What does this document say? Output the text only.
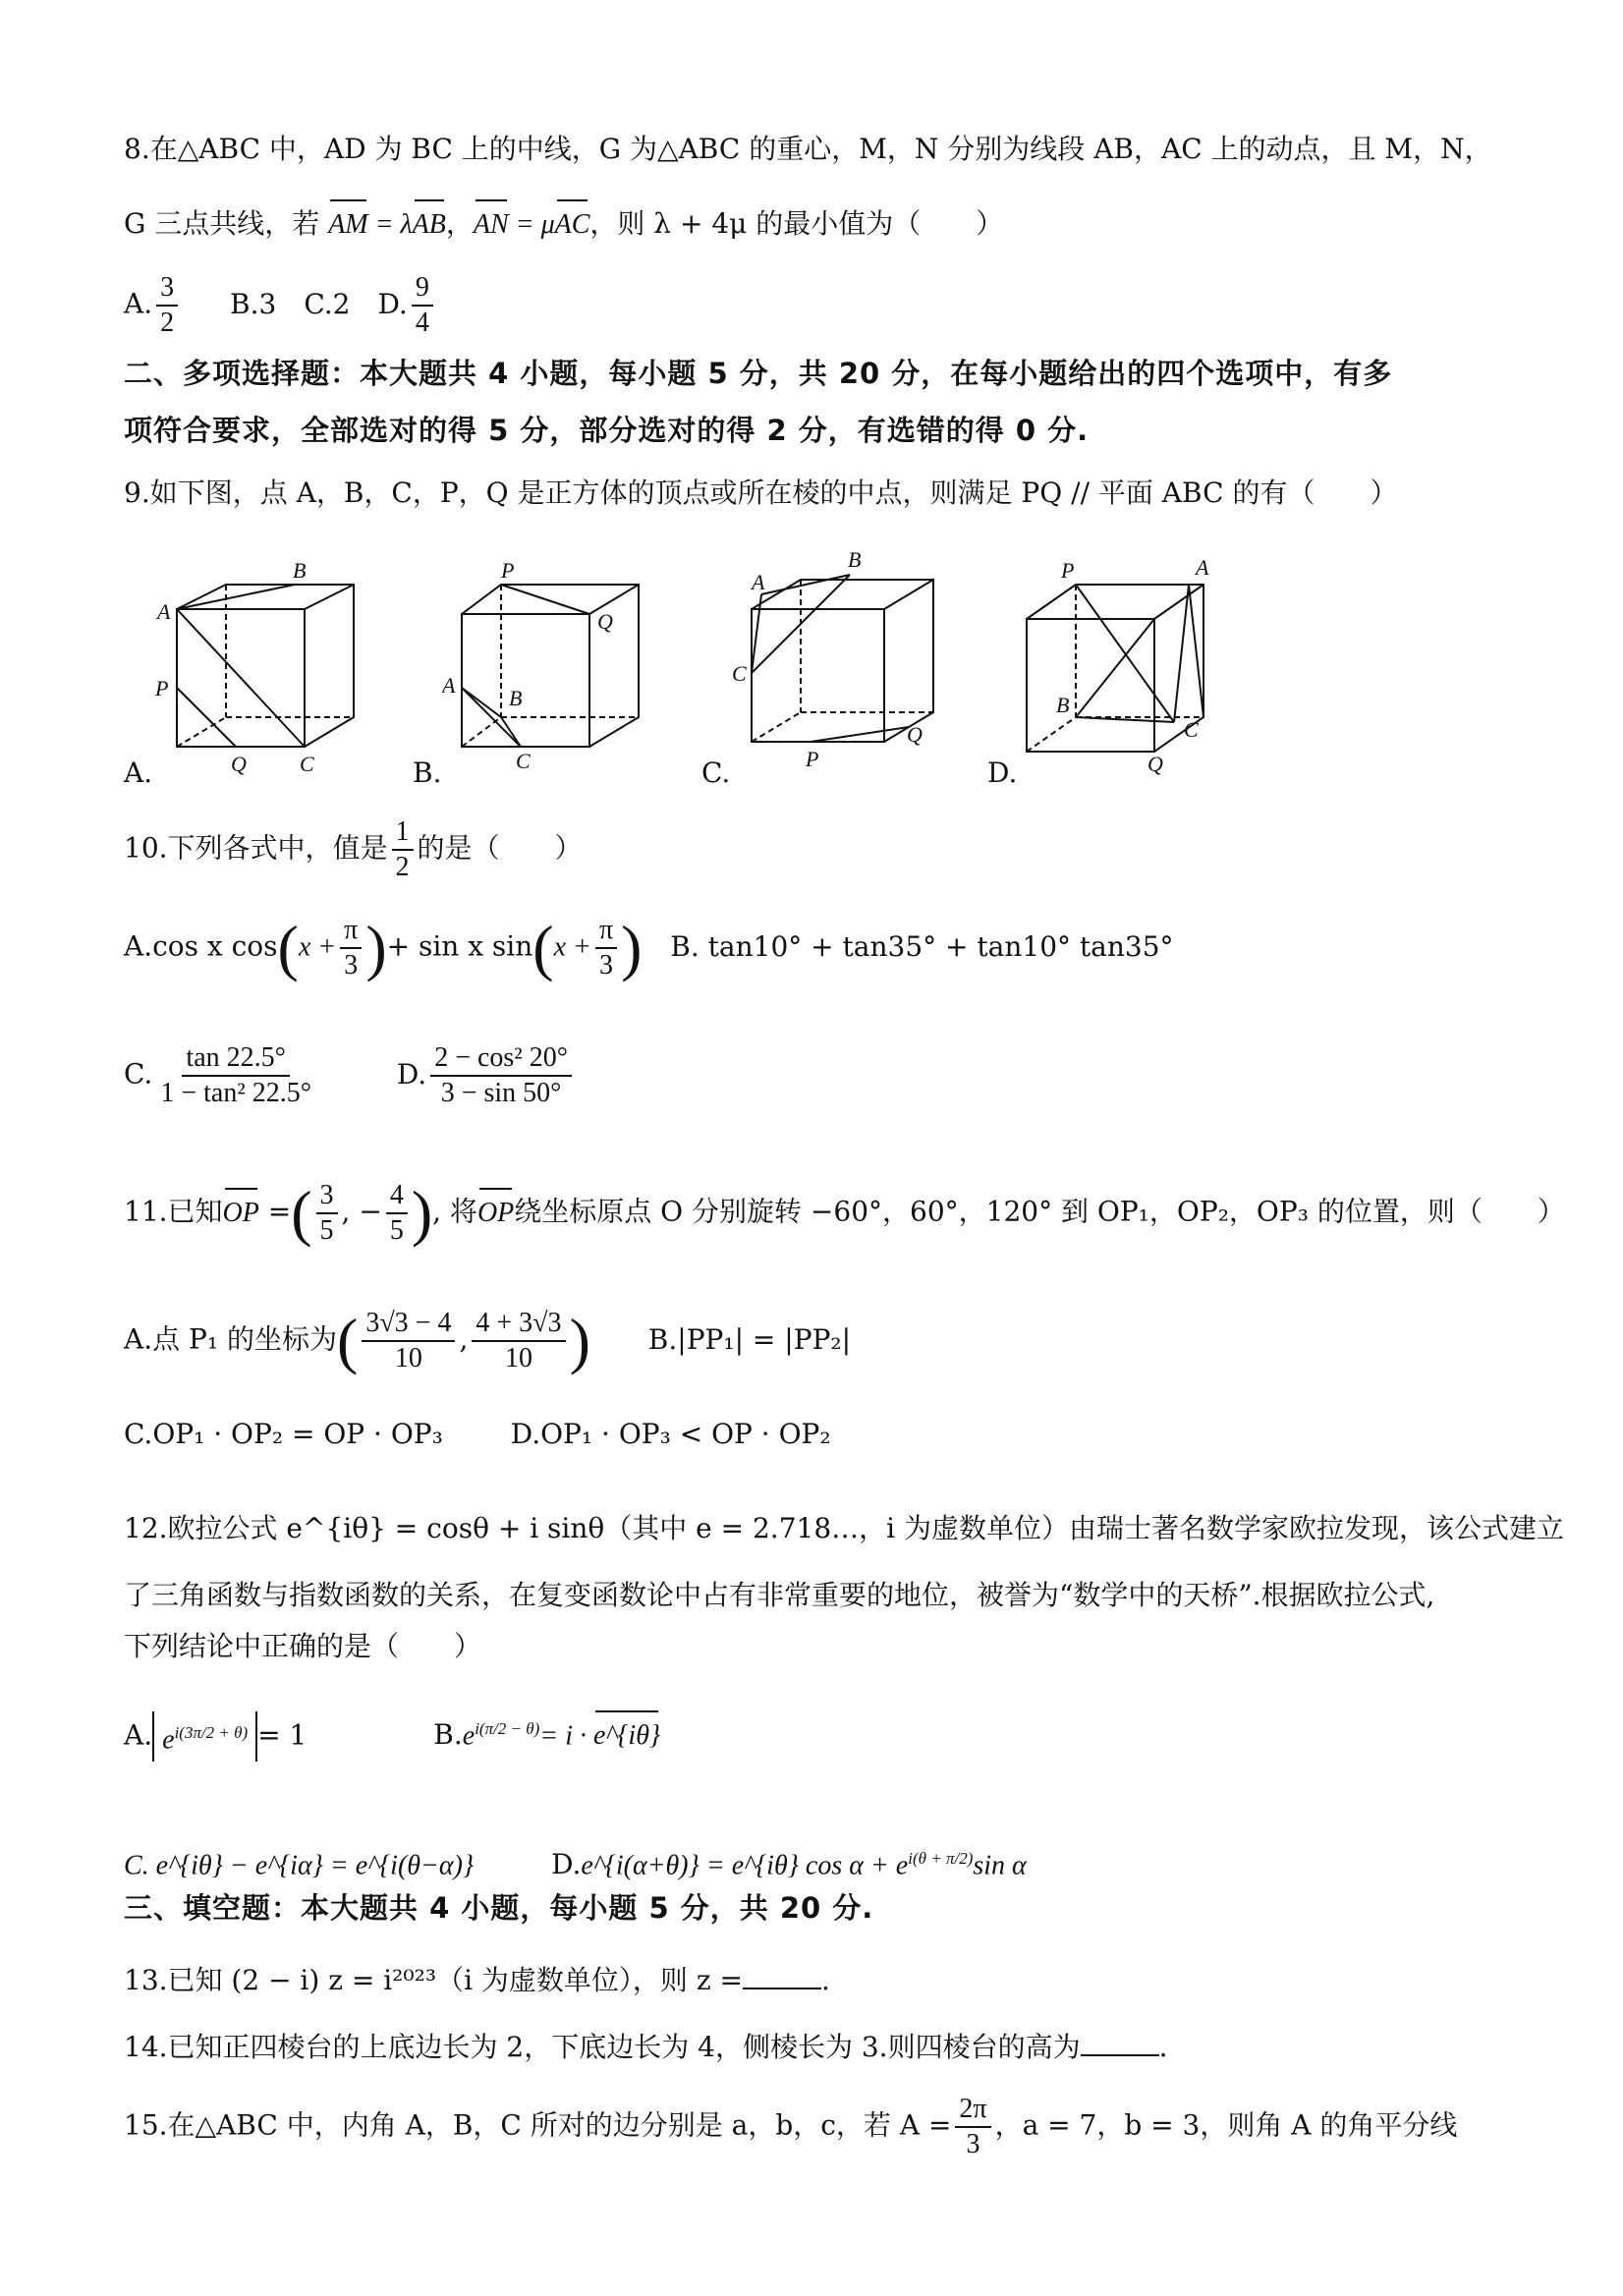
8.在△ABC 中，AD 为 BC 上的中线，G 为△ABC 的重心，M，N 分别为线段 AB，AC 上的动点，且 M，N，
G 三点共线，若 AM = λAB，AN = μAC，则 λ + 4μ 的最小值为（　　）
A. $\frac{3}{2} B.3$　C.2　D. $\frac{9}{4}$
二、多项选择题：本大题共 4 小题，每小题 5 分，共 20 分，在每小题给出的四个选项中，有多
项符合要求，全部选对的得 5 分，部分选对的得 2 分，有选错的得 0 分.
9.如下图，点 A，B，C，P，Q 是正方体的顶点或所在棱的中点，则满足 PQ // 平面 ABC 的有（　　）
B
A
P
Q C
A.
P
Q
A
B
C
B.
A
B
C
Q
P
C.
P	A
B
C
Q
D.
10.下列各式中，值是 $\frac{1}{2}$ 的是（　　）
A.cos x $\cos(x + \frac{\pi}{3}$ )+ sin x $\sin(x + \frac{\pi}{3}$ ) B. tan10° + tan35° + tan10° tan35°
C. $\frac{\tan 22.5^\circ}{\text{1 − tan² 22.5°}}$	D. $\frac{\text{2 − cos² 20°}}{3 - \sin 50^\circ}$
11.已知OP =( $\frac{3}{5}$ , − $\frac{4}{5}$ ), 将OP绕坐标原点 O 分别旋转 −60°，60°，120° 到 OP₁，OP₂，OP₃ 的位置，则（　　）
A.点 P₁ 的坐标为( $\frac{3√3 - 4}{10}$ , $\frac{4 + 3√3}{10}$ ) B.|PP₁| = |PP₂|
C.OP₁ · OP₂ = OP · OP₃ D.OP₁ · OP₃ < OP · OP₂
12.欧拉公式 e^{iθ} = cosθ + i sinθ（其中 e = 2.718…，i 为虚数单位）由瑞士著名数学家欧拉发现，该公式建立
了三角函数与指数函数的关系，在复变函数论中占有非常重要的地位，被誉为“数学中的天桥”.根据欧拉公式,
下列结论中正确的是（　　）
A. $e^{i(3\pi/2 + \theta)} = 1$	$B.e^{i(\pi/2 - \theta)}= i$ · e^{iθ}
C. e^{iθ} − e^{iα} = e^{i(θ−α)}	D.e^{i(α+θ)} = e^{iθ} $\cos \alpha + e^{i(\theta + \pi/2)}\sin$ α
三、填空题：本大题共 4 小题，每小题 5 分，共 20 分.
13.已知 (2 − i) z = i²⁰²³（i 为虚数单位），则 z =	.
14.已知正四棱台的上底边长为 2，下底边长为 4，侧棱长为 3.则四棱台的高为	.
15.在△ABC 中，内角 A，B，C 所对的边分别是 a，b，c，若 $A = \frac{2\pi}{3}$ ，a = 7，b = 3，则角 A 的角平分线
